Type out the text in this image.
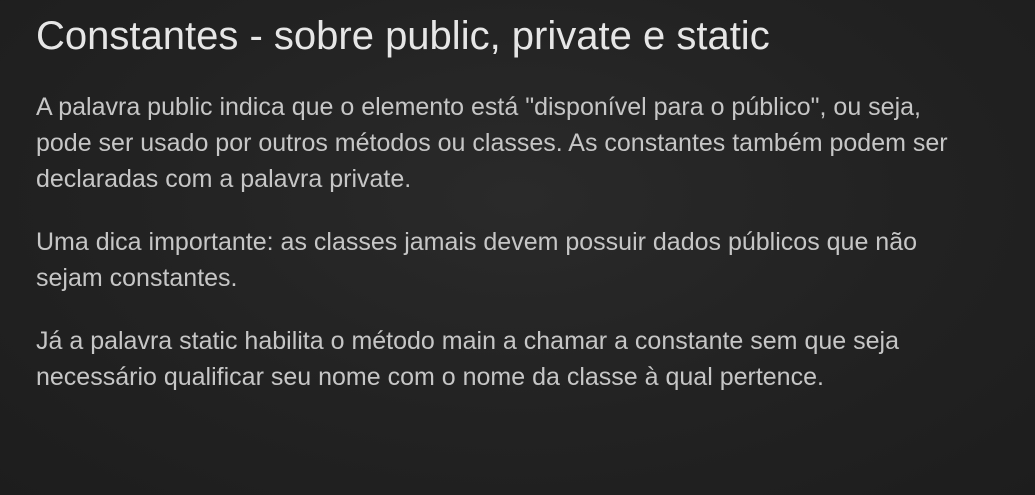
Constantes - sobre public, private e static

A palavra public indica que o elemento está "disponível para o público", ou seja, pode ser usado por outros métodos ou classes. As constantes também podem ser declaradas com a palavra private.

Uma dica importante: as classes jamais devem possuir dados públicos que não sejam constantes.

Já a palavra static habilita o método main a chamar a constante sem que seja necessário qualificar seu nome com o nome da classe à qual pertence.
